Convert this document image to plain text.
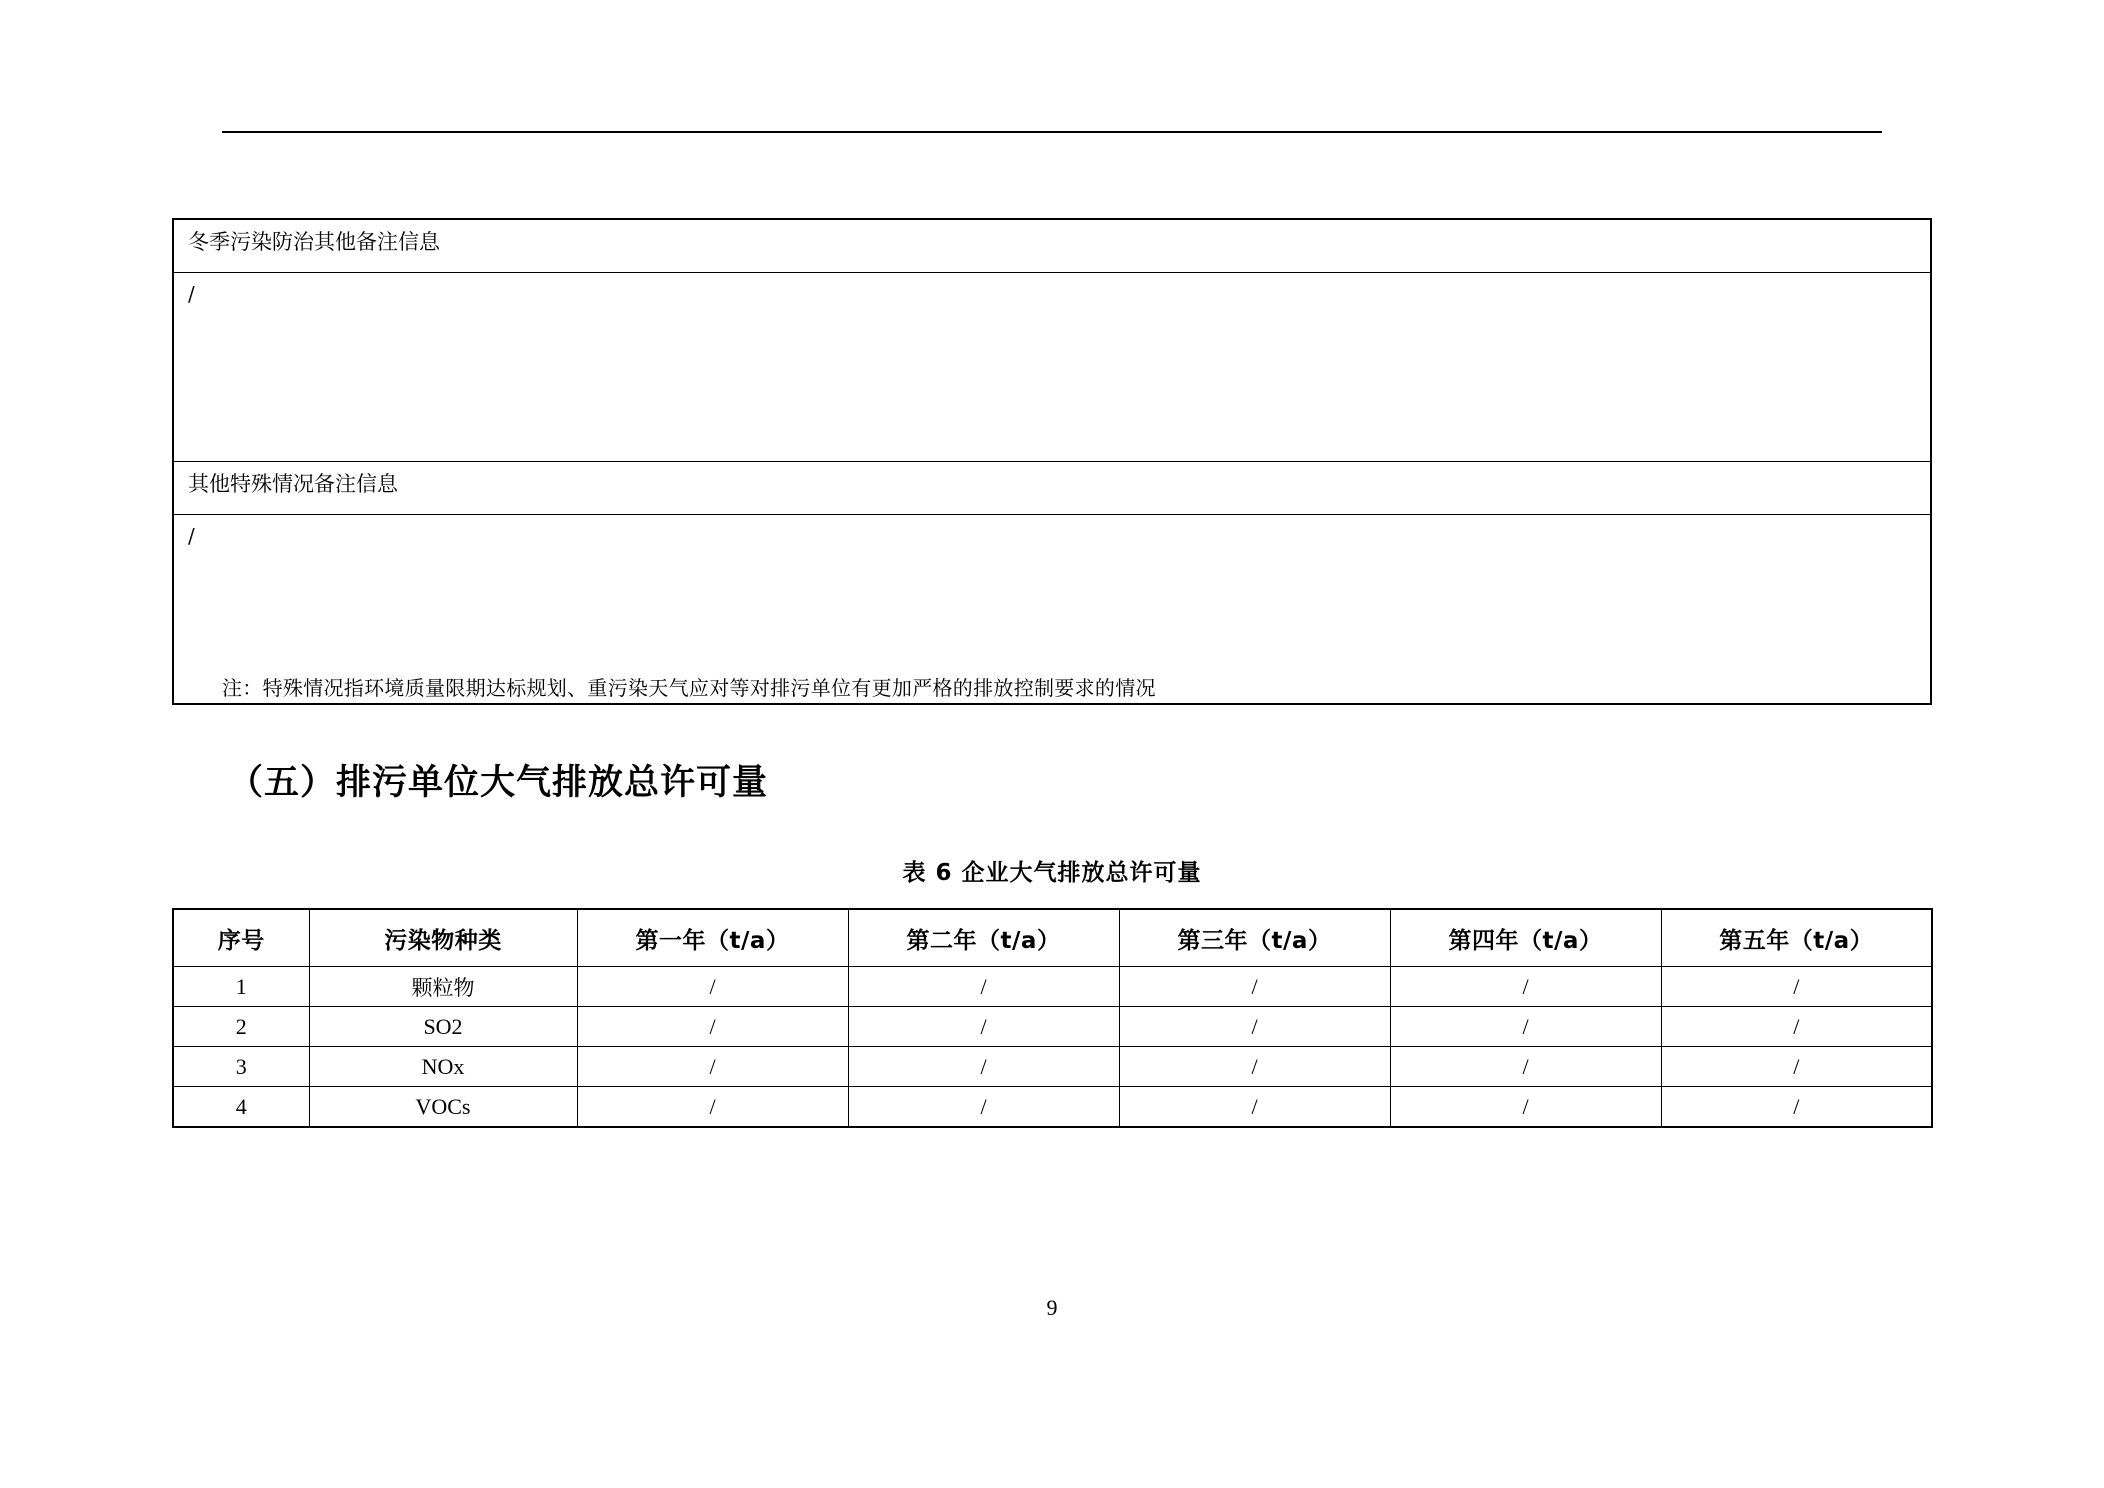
冬季污染防治其他备注信息
/
其他特殊情况备注信息
/
注：特殊情况指环境质量限期达标规划、重污染天气应对等对排污单位有更加严格的排放控制要求的情况
（五）排污单位大气排放总许可量
表 6 企业大气排放总许可量
序号	污染物种类	第一年（t/a）	第二年（t/a）	第三年（t/a）	第四年（t/a）	第五年（t/a）
1	颗粒物	/	/	/	/	/
2	SO2	/	/	/	/	/
3	NOx	/	/	/	/	/
4	VOCs	/	/	/	/	/
9
